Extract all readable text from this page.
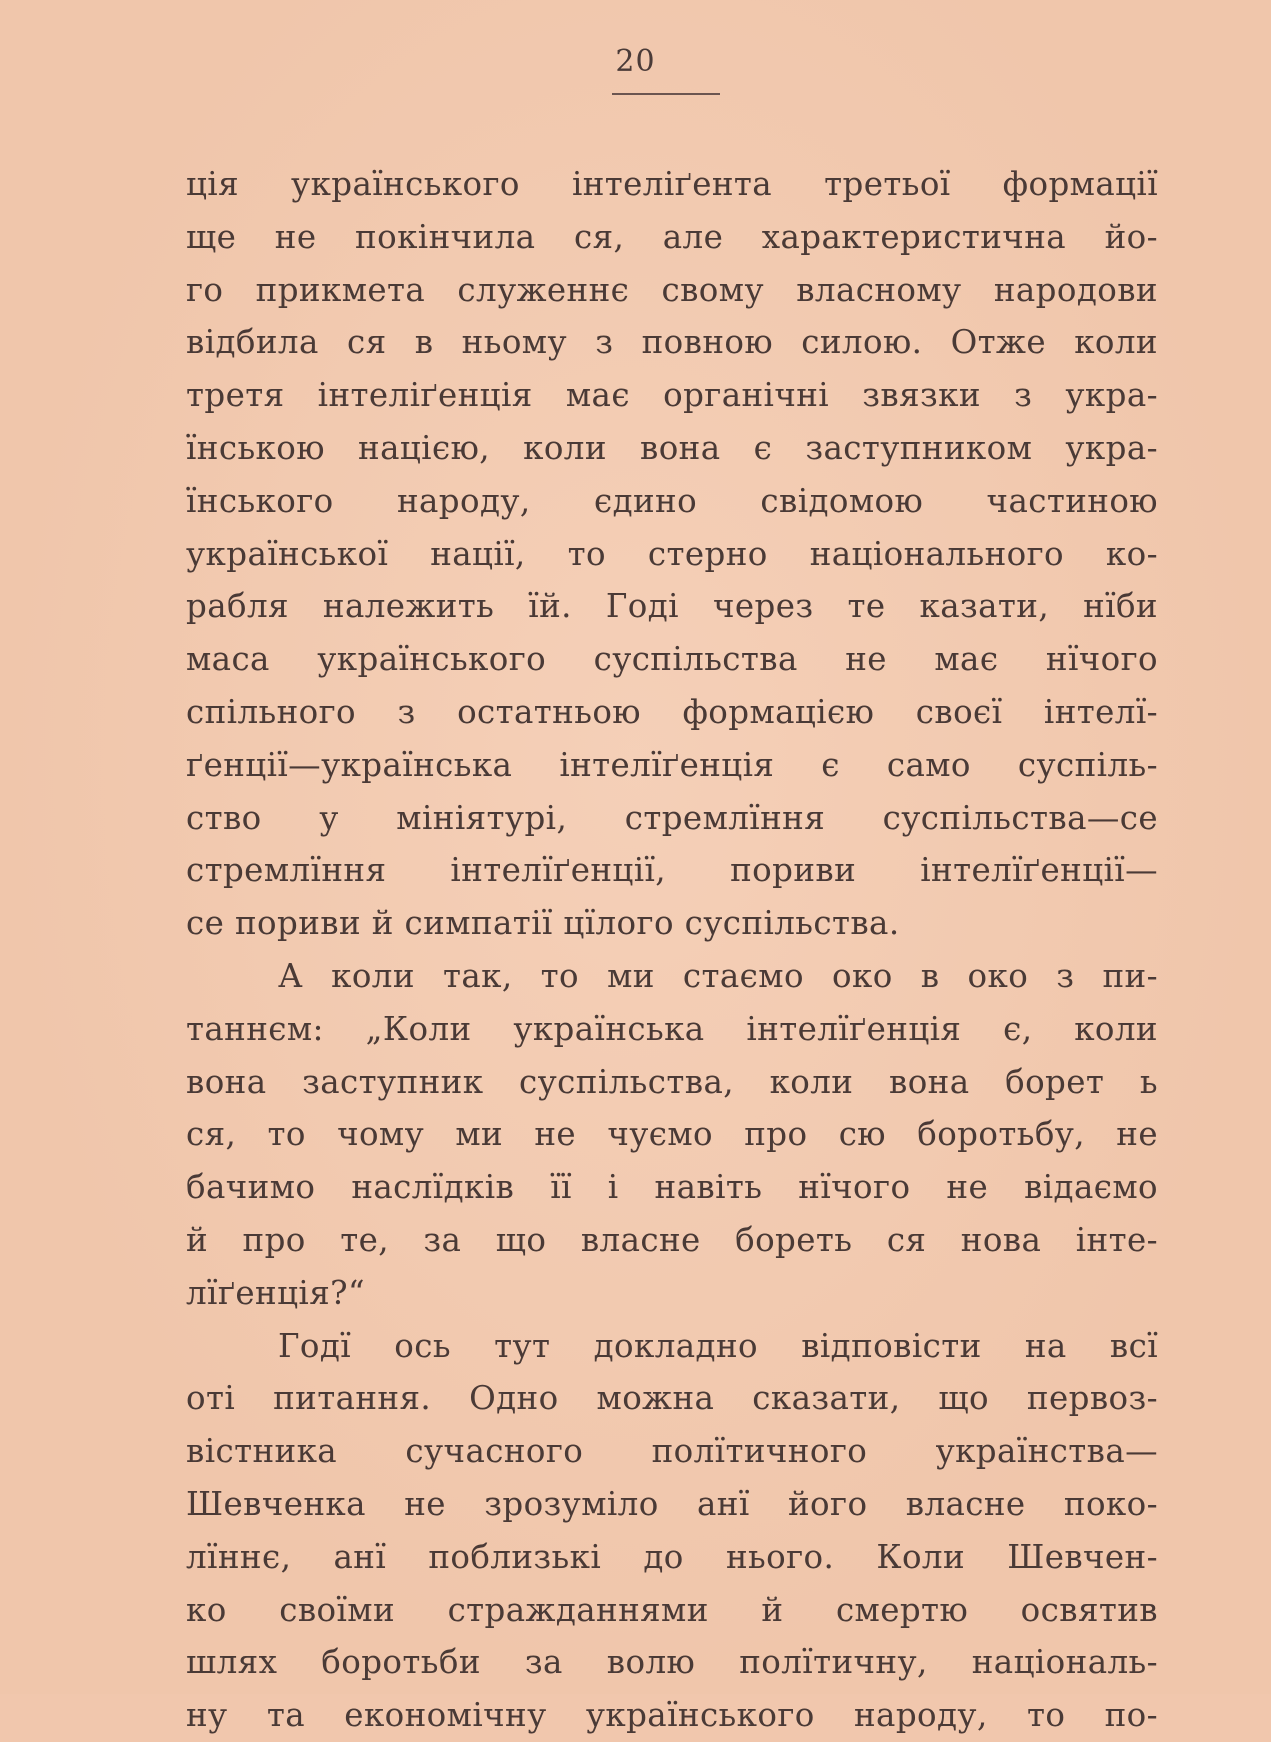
20
ція українського інтеліґента третьої формації
ще не покінчила ся, але характеристична йо-
го прикмета служеннє свому власному народови
відбила ся в ньому з повною силою. Отже коли
третя інтеліґенція має органічні звязки з укра-
їнською нацією, коли вона є заступником укра-
їнського народу, єдино свідомою частиною
української нації, то стерно національного ко-
рабля належить їй. Годі через те казати, нїби
маса українського суспільства не має нїчого
спільного з остатньою формацією своєї інтелї-
ґенції—українська інтелїґенція є само суспіль-
ство у мініятурі, стремлїння суспільства—се
стремлїння інтелїґенції, пориви інтелїґенції—
се пориви й симпатії цїлого суспільства.
А коли так, то ми стаємо око в око з пи-
таннєм: „Коли українська інтелїґенція є, коли
вона заступник суспільства, коли вона борет ь
ся, то чому ми не чуємо про сю боротьбу, не
бачимо наслїдків її і навіть нїчого не відаємо
й про те, за що власне бореть ся нова інте-
лїґенція?“
Годї ось тут докладно відповісти на всї
оті питання. Одно можна сказати, що первоз-
вістника сучасного полїтичного українства—
Шевченка не зрозуміло анї його власне поко-
лїннє, анї поблизькі до нього. Коли Шевчен-
ко своїми стражданнями й смертю освятив
шлях боротьби за волю полїтичну, національ-
ну та економічну українського народу, то по-
